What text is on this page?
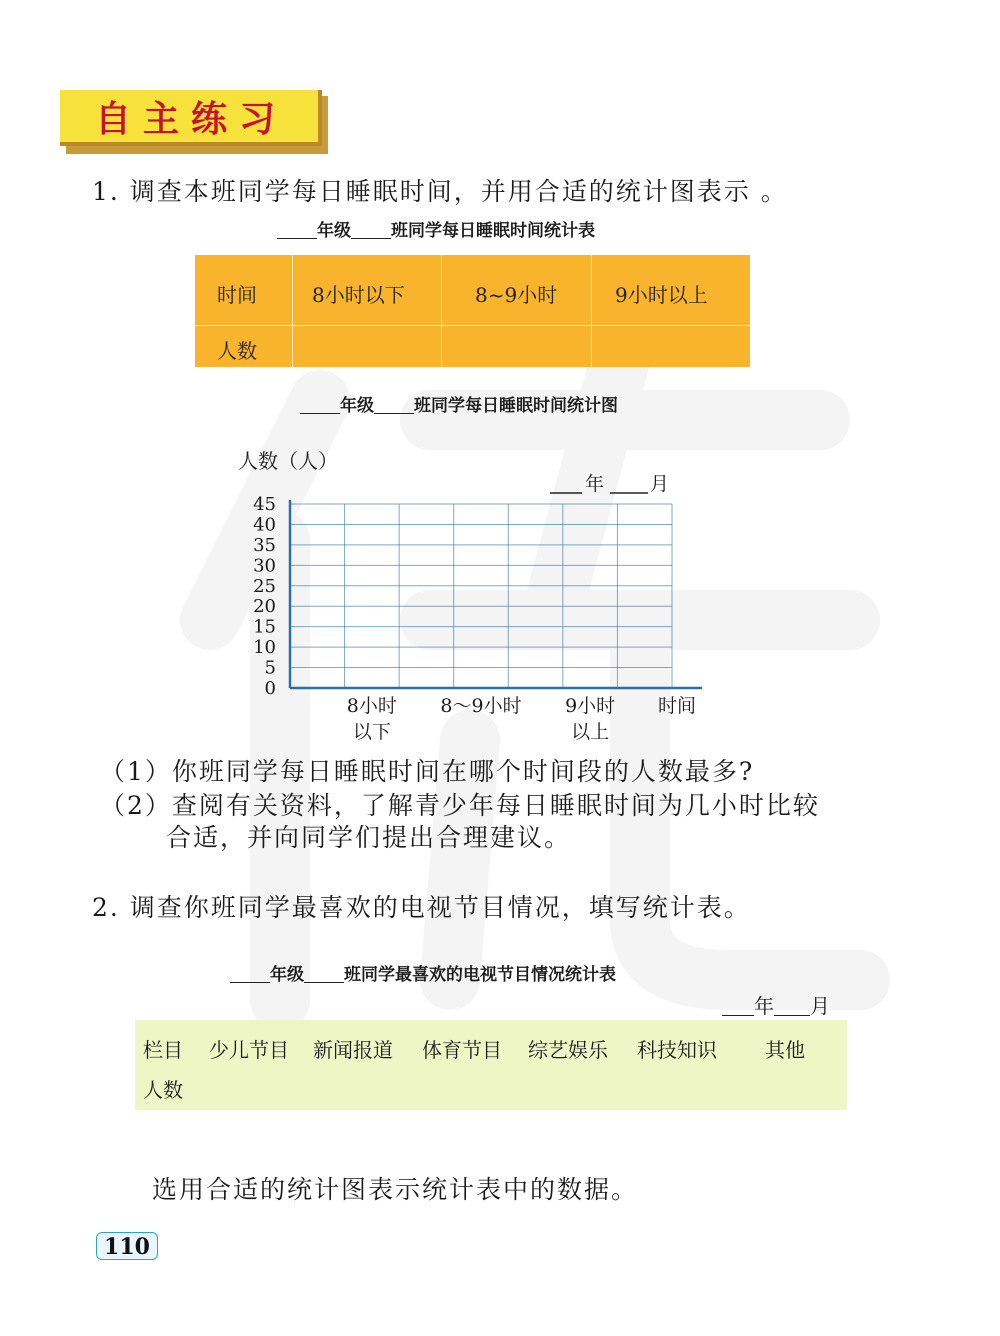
自主练习
1. 调查本班同学每日睡眠时间，并用合适的统计图表示 。
年级 班同学每日睡眠时间统计表
时间	8小时以下	8~9小时	9小时以上
人数
年级 班同学每日睡眠时间统计图
0
5
10
15
20
25
30
35
40
45
8小时
以下
8～9小时 9小时
以上
人数（人）
时间
年 月
（1）你班同学每日睡眠时间在哪个时间段的人数最多?
（2）查阅有关资料，了解青少年每日睡眠时间为几小时比较
合适，并向同学们提出合理建议。
2. 调查你班同学最喜欢的电视节目情况，填写统计表。
年级 班同学最喜欢的电视节目情况统计表
年 月
栏目 少儿节目 新闻报道 体育节目 综艺娱乐 科技知识 其他
人数
选用合适的统计图表示统计表中的数据。
110
